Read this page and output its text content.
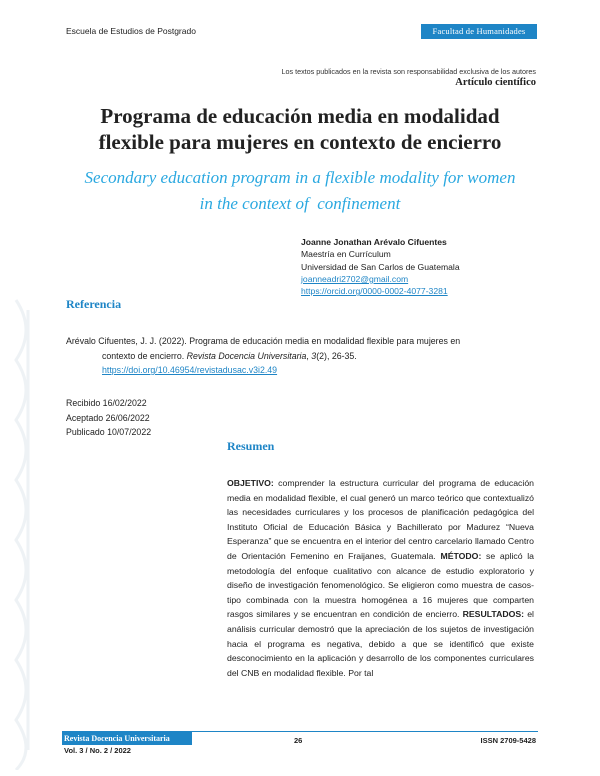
Escuela de Estudios de Postgrado	Facultad de Humanidades
Los textos publicados en la revista son responsabilidad exclusiva de los autores
Artículo científico
Programa de educación media en modalidad
flexible para mujeres en contexto de encierro
Secondary education program in a flexible modality for women
in the context of  confinement
Joanne Jonathan Arévalo Cifuentes
Maestría en Currículum
Universidad de San Carlos de Guatemala
joanneadri2702@gmail.com
https://orcid.org/0000-0002-4077-3281
Referencia
Arévalo Cifuentes, J. J. (2022). Programa de educación media en modalidad flexible para mujeres en
contexto de encierro. Revista Docencia Universitaria, 3(2), 26-35.
https://doi.org/10.46954/revistadusac.v3i2.49
Recibido 16/02/2022
Aceptado 26/06/2022
Publicado 10/07/2022
Resumen
OBJETIVO: comprender la estructura curricular del programa de educación media en modalidad flexible, el cual generó un marco teórico que contextualizó las necesidades curriculares y los procesos de planificación pedagógica del Instituto Oficial de Educación Básica y Bachillerato por Madurez “Nueva Esperanza” que se encuentra en el interior del centro carcelario llamado Centro de Orientación Femenino en Fraijanes, Guatemala. MÉTODO: se aplicó la metodología del enfoque cualitativo con alcance de estudio exploratorio y diseño de investigación fenomenológico. Se eligieron como muestra de casos-tipo combinada con la muestra homogénea a 16 mujeres que comparten rasgos similares y se encuentran en condición de encierro. RESULTADOS: el análisis curricular demostró que la apreciación de los sujetos de investigación hacia el programa es negativa, debido a que se identificó que existe desconocimiento en la aplicación y desarrollo de los componentes curriculares del CNB en modalidad flexible. Por tal
Revista Docencia Universitaria
Vol. 3 / No. 2 / 2022
26	ISSN 2709-5428
